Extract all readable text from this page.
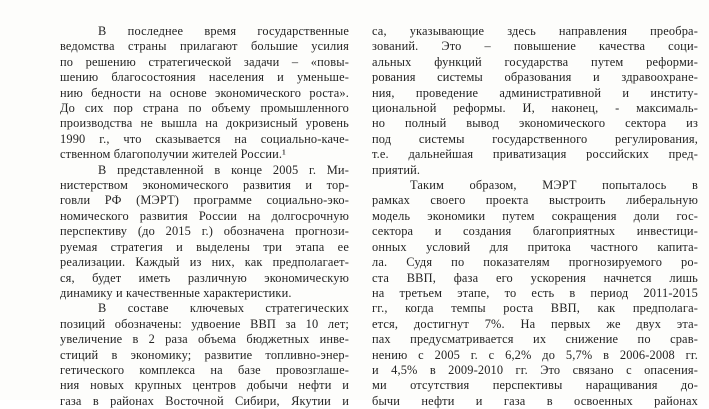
В последнее время государственные
ведомства страны прилагают большие усилия
по решению стратегической задачи – «повы-
шению благосостояния населения и уменьше-
нию бедности на основе экономического роста».
До сих пор страна по объему промышленного
производства не вышла на докризисный уровень
1990 г., что сказывается на социально-каче-
ственном благополучии жителей России.¹
В представленной в конце 2005 г. Ми-
нистерством экономического развития и тор-
говли РФ (МЭРТ) программе социально-эко-
номического развития России на долгосрочную
перспективу (до 2015 г.) обозначена прогнози-
руемая стратегия и выделены три этапа ее
реализации. Каждый из них, как предполагает-
ся, будет иметь различную экономическую
динамику и качественные характеристики.
В составе ключевых стратегических
позиций обозначены: удвоение ВВП за 10 лет;
увеличение в 2 раза объема бюджетных инве-
стиций в экономику; развитие топливно-энер-
гетического комплекса на базе провозглаше-
ния новых крупных центров добычи нефти и
газа в районах Восточной Сибири, Якутии и
са, указывающие здесь направления преобра-
зований. Это – повышение качества соци-
альных функций государства путем реформи-
рования системы образования и здравоохране-
ния, проведение административной и институ-
циональной реформы. И, наконец, - максималь-
но полный вывод экономического сектора из
под системы государственного регулирования,
т.е. дальнейшая приватизация российских пред-
приятий.
Таким образом, МЭРТ попыталось в
рамках своего проекта выстроить либеральную
модель экономики путем сокращения доли гос-
сектора и создания благоприятных инвестици-
онных условий для притока частного капита-
ла. Судя по показателям прогнозируемого ро-
ста ВВП, фаза его ускорения начнется лишь
на третьем этапе, то есть в период 2011-2015
гг., когда темпы роста ВВП, как предполага-
ется, достигнут 7%. На первых же двух эта-
пах предусматривается их снижение по срав-
нению с 2005 г. с 6,2% до 5,7% в 2006-2008 гг.
и 4,5% в 2009-2010 гг. Это связано с опасения-
ми отсутствия перспективы наращивания до-
бычи нефти и газа в освоенных районах
